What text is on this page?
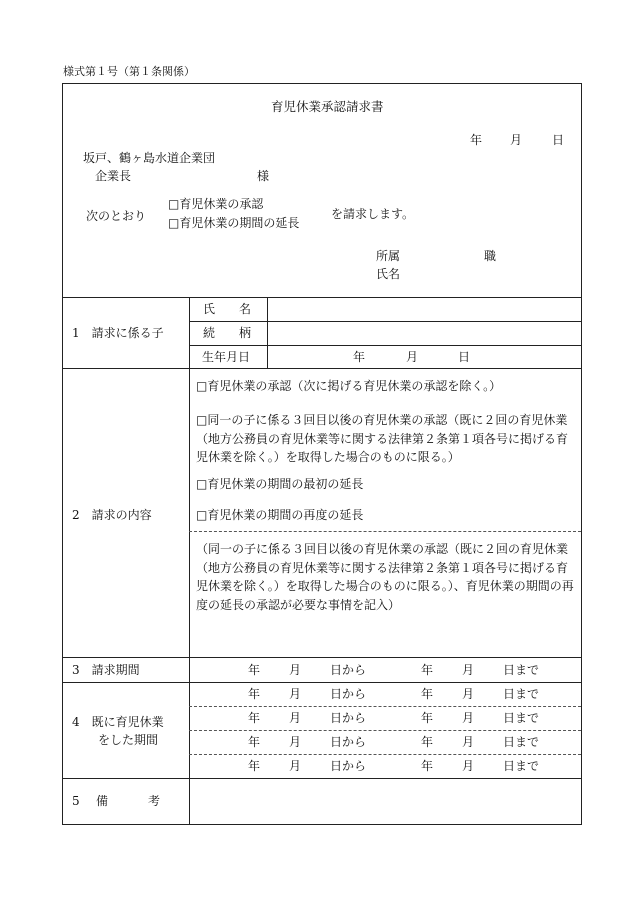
様式第１号（第１条関係）
育児休業承認請求書
年 月 日
坂戸、鶴ヶ島水道企業団
企業長	様
次のとおり
□育児休業の承認
□育児休業の期間の延長
を請求します。
所属	職
氏名
1　請求に係る子
氏　　名
続　　柄
生年月日	年	月	日
2　請求の内容
□育児休業の承認（次に掲げる育児休業の承認を除く。）
□同一の子に係る３回目以後の育児休業の承認（既に２回の育児休業（地方公務員の育児休業等に関する法律第２条第１項各号に掲げる育児休業を除く。）を取得した場合のものに限る。）
□育児休業の期間の最初の延長
□育児休業の期間の再度の延長
（同一の子に係る３回目以後の育児休業の承認（既に２回の育児休業（地方公務員の育児休業等に関する法律第２条第１項各号に掲げる育児休業を除く。）を取得した場合のものに限る。）、育児休業の期間の再度の延長の承認が必要な事情を記入）
3　請求期間	年 月 日から	年 月 日まで
4　既に育児休業
をした期間
年 月 日から	年 月 日まで
年 月 日から	年 月 日まで
年 月 日から	年 月 日まで
年 月 日から	年 月 日まで
5 備考
